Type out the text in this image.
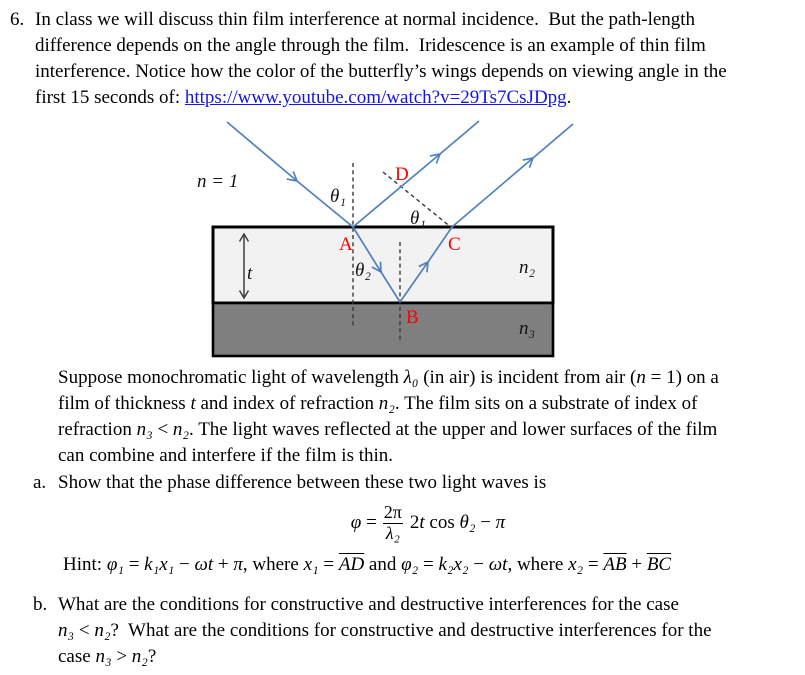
6. In class we will discuss thin film interference at normal incidence.  But the path-length
difference depends on the angle through the film.  Iridescence is an example of thin film
interference. Notice how the color of the butterfly’s wings depends on viewing angle in the
first 15 seconds of: https://www.youtube.com/watch?v=29Ts7CsJDpg.
n = 1
θ₁
θ₁
θ₂
t	n₂
n₃
A
B
C
D
Suppose monochromatic light of wavelength λ₀ (in air) is incident from air (n = 1) on a
film of thickness t and index of refraction n₂. The film sits on a substrate of index of
refraction n₃ < n₂. The light waves reflected at the upper and lower surfaces of the film
can combine and interfere if the film is thin.
a. Show that the phase difference between these two light waves is
$\varphi = \frac{2\pi}{\text{λ₂}} 2t$ cos θ₂ − π
Hint: φ₁ = k₁x₁ − ωt + π, where $x_1 = \overline{AD}$ and φ₂ = k₂x₂ − ωt, where $x_2 = \overline{AB} + \overline{BC}$
b. What are the conditions for constructive and destructive interferences for the case
n₃ < n₂?  What are the conditions for constructive and destructive interferences for the
case n₃ > n₂?
